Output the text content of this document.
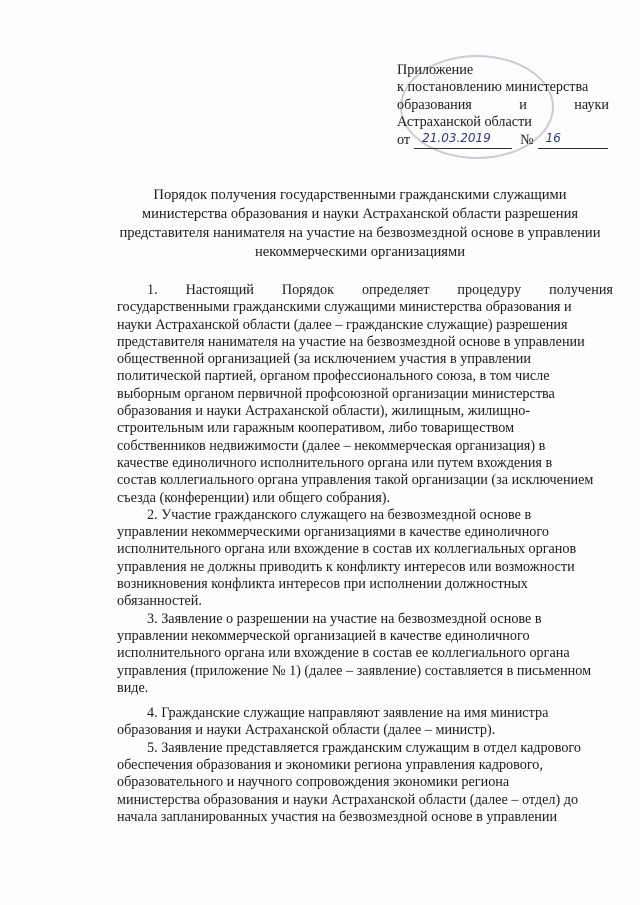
Приложение
к постановлению министерства
образования	и	науки
Астраханской области
от 21.03.2019 № 16
Порядок получения государственными гражданскими служащими
министерства образования и науки Астраханской области разрешения
представителя нанимателя на участие на безвозмездной основе в управлении
некоммерческими организациями
1. Настоящий Порядок определяет процедуру получения
государственными гражданскими служащими министерства образования и
науки Астраханской области (далее – гражданские служащие) разрешения
представителя нанимателя на участие на безвозмездной основе в управлении
общественной организацией (за исключением участия в управлении
политической партией, органом профессионального союза, в том числе
выборным органом первичной профсоюзной организации министерства
образования и науки Астраханской области), жилищным, жилищно-
строительным или гаражным кооперативом, либо товариществом
собственников недвижимости (далее – некоммерческая организация) в
качестве единоличного исполнительного органа или путем вхождения в
состав коллегиального органа управления такой организации (за исключением
съезда (конференции) или общего собрания).
2. Участие гражданского служащего на безвозмездной основе в
управлении некоммерческими организациями в качестве единоличного
исполнительного органа или вхождение в состав их коллегиальных органов
управления не должны приводить к конфликту интересов или возможности
возникновения конфликта интересов при исполнении должностных
обязанностей.
3. Заявление о разрешении на участие на безвозмездной основе в
управлении некоммерческой организацией в качестве единоличного
исполнительного органа или вхождение в состав ее коллегиального органа
управления (приложение № 1) (далее – заявление) составляется в письменном
виде.
4. Гражданские служащие направляют заявление на имя министра
образования и науки Астраханской области (далее – министр).
5. Заявление представляется гражданским служащим в отдел кадрового
обеспечения образования и экономики региона управления кадрового,
образовательного и научного сопровождения экономики региона
министерства образования и науки Астраханской области (далее – отдел) до
начала запланированных участия на безвозмездной основе в управлении
